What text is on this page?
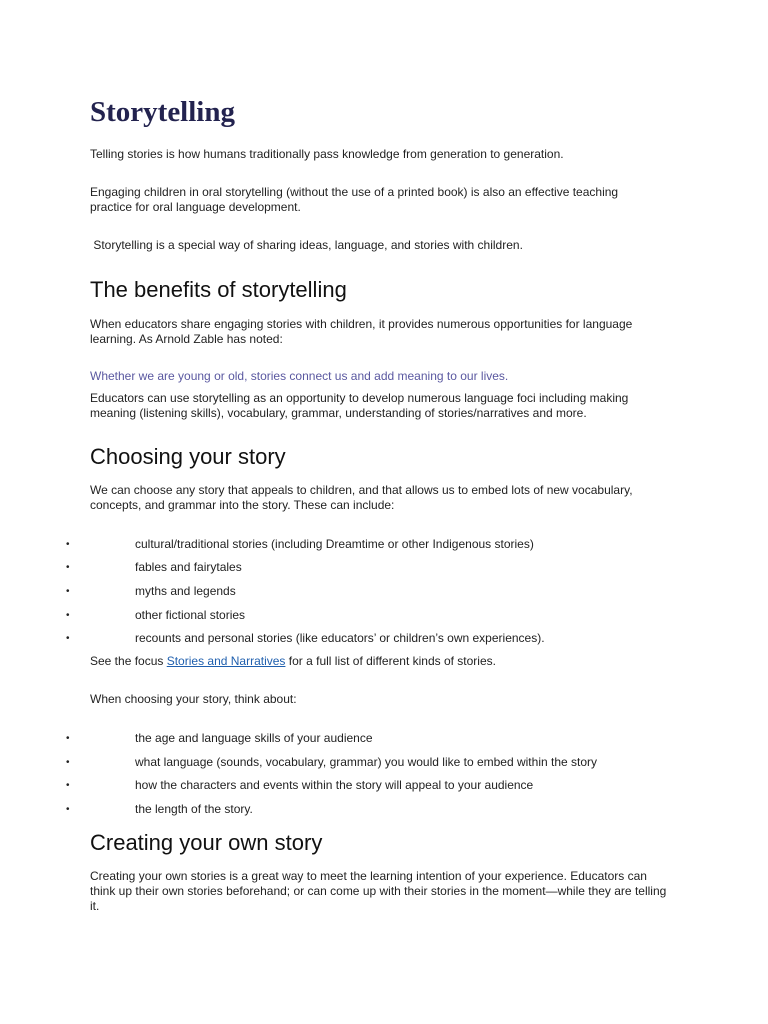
Storytelling

Telling stories is how humans traditionally pass knowledge from generation to generation.

Engaging children in oral storytelling (without the use of a printed book) is also an effective teaching practice for oral language development.

Storytelling is a special way of sharing ideas, language, and stories with children.

The benefits of storytelling

When educators share engaging stories with children, it provides numerous opportunities for language learning. As Arnold Zable has noted:

Whether we are young or old, stories connect us and add meaning to our lives.

Educators can use storytelling as an opportunity to develop numerous language foci including making meaning (listening skills), vocabulary, grammar, understanding of stories/narratives and more.

Choosing your story

We can choose any story that appeals to children, and that allows us to embed lots of new vocabulary, concepts, and grammar into the story. These can include:

•	cultural/traditional stories (including Dreamtime or other Indigenous stories)
•	fables and fairytales
•	myths and legends
•	other fictional stories
•	recounts and personal stories (like educators’ or children’s own experiences).

See the focus Stories and Narratives for a full list of different kinds of stories.

When choosing your story, think about:

•	the age and language skills of your audience
•	what language (sounds, vocabulary, grammar) you would like to embed within the story
•	how the characters and events within the story will appeal to your audience
•	the length of the story.
Creating your own story

Creating your own stories is a great way to meet the learning intention of your experience. Educators can think up their own stories beforehand; or can come up with their stories in the moment—while they are telling it.
